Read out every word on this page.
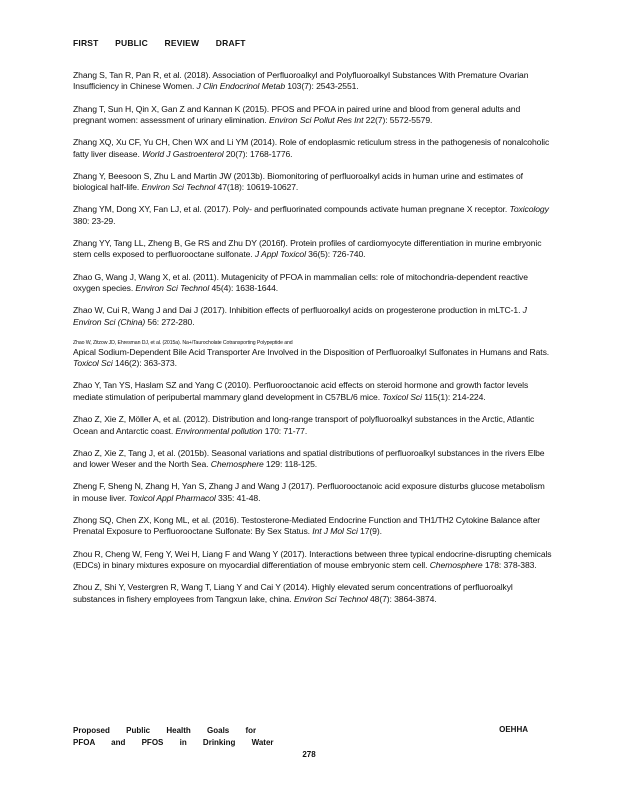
FIRST PUBLIC REVIEW DRAFT

Zhang S, Tan R, Pan R, et al. (2018). Association of Perfluoroalkyl and Polyfluoroalkyl Substances With Premature Ovarian Insufficiency in Chinese Women. J Clin Endocrinol Metab 103(7): 2543-2551.

Zhang T, Sun H, Qin X, Gan Z and Kannan K (2015). PFOS and PFOA in paired urine and blood from general adults and pregnant women: assessment of urinary elimination. Environ Sci Pollut Res Int 22(7): 5572-5579.

Zhang XQ, Xu CF, Yu CH, Chen WX and Li YM (2014). Role of endoplasmic reticulum stress in the pathogenesis of nonalcoholic fatty liver disease. World J Gastroenterol 20(7): 1768-1776.

Zhang Y, Beesoon S, Zhu L and Martin JW (2013b). Biomonitoring of perfluoroalkyl acids in human urine and estimates of biological half-life. Environ Sci Technol 47(18): 10619-10627.

Zhang YM, Dong XY, Fan LJ, et al. (2017). Poly- and perfluorinated compounds activate human pregnane X receptor. Toxicology 380: 23-29.

Zhang YY, Tang LL, Zheng B, Ge RS and Zhu DY (2016f). Protein profiles of cardiomyocyte differentiation in murine embryonic stem cells exposed to perfluorooctane sulfonate. J Appl Toxicol 36(5): 726-740.

Zhao G, Wang J, Wang X, et al. (2011). Mutagenicity of PFOA in mammalian cells: role of mitochondria-dependent reactive oxygen species. Environ Sci Technol 45(4): 1638-1644.

Zhao W, Cui R, Wang J and Dai J (2017). Inhibition effects of perfluoroalkyl acids on progesterone production in mLTC-1. J Environ Sci (China) 56: 272-280.

Zhao W, Zitzow JD, Ehresman DJ, et al. (2015a). Na+/Taurocholate Cotransporting Polypeptide and
Apical Sodium-Dependent Bile Acid Transporter Are Involved in the Disposition of Perfluoroalkyl Sulfonates in Humans and Rats. Toxicol Sci 146(2): 363-373.

Zhao Y, Tan YS, Haslam SZ and Yang C (2010). Perfluorooctanoic acid effects on steroid hormone and growth factor levels mediate stimulation of peripubertal mammary gland development in C57BL/6 mice. Toxicol Sci 115(1): 214-224.

Zhao Z, Xie Z, Möller A, et al. (2012). Distribution and long-range transport of polyfluoroalkyl substances in the Arctic, Atlantic Ocean and Antarctic coast. Environmental pollution 170: 71-77.

Zhao Z, Xie Z, Tang J, et al. (2015b). Seasonal variations and spatial distributions of perfluoroalkyl substances in the rivers Elbe and lower Weser and the North Sea. Chemosphere 129: 118-125.

Zheng F, Sheng N, Zhang H, Yan S, Zhang J and Wang J (2017). Perfluorooctanoic acid exposure disturbs glucose metabolism in mouse liver. Toxicol Appl Pharmacol 335: 41-48.

Zhong SQ, Chen ZX, Kong ML, et al. (2016). Testosterone-Mediated Endocrine Function and TH1/TH2 Cytokine Balance after Prenatal Exposure to Perfluorooctane Sulfonate: By Sex Status. Int J Mol Sci 17(9).

Zhou R, Cheng W, Feng Y, Wei H, Liang F and Wang Y (2017). Interactions between three typical endocrine-disrupting chemicals (EDCs) in binary mixtures exposure on myocardial differentiation of mouse embryonic stem cell. Chemosphere 178: 378-383.

Zhou Z, Shi Y, Vestergren R, Wang T, Liang Y and Cai Y (2014). Highly elevated serum concentrations of perfluoroalkyl substances in fishery employees from Tangxun lake, china. Environ Sci Technol 48(7): 3864-3874.

Proposed Public Health Goals for
PFOA and PFOS in Drinking Water
OEHHA
278
